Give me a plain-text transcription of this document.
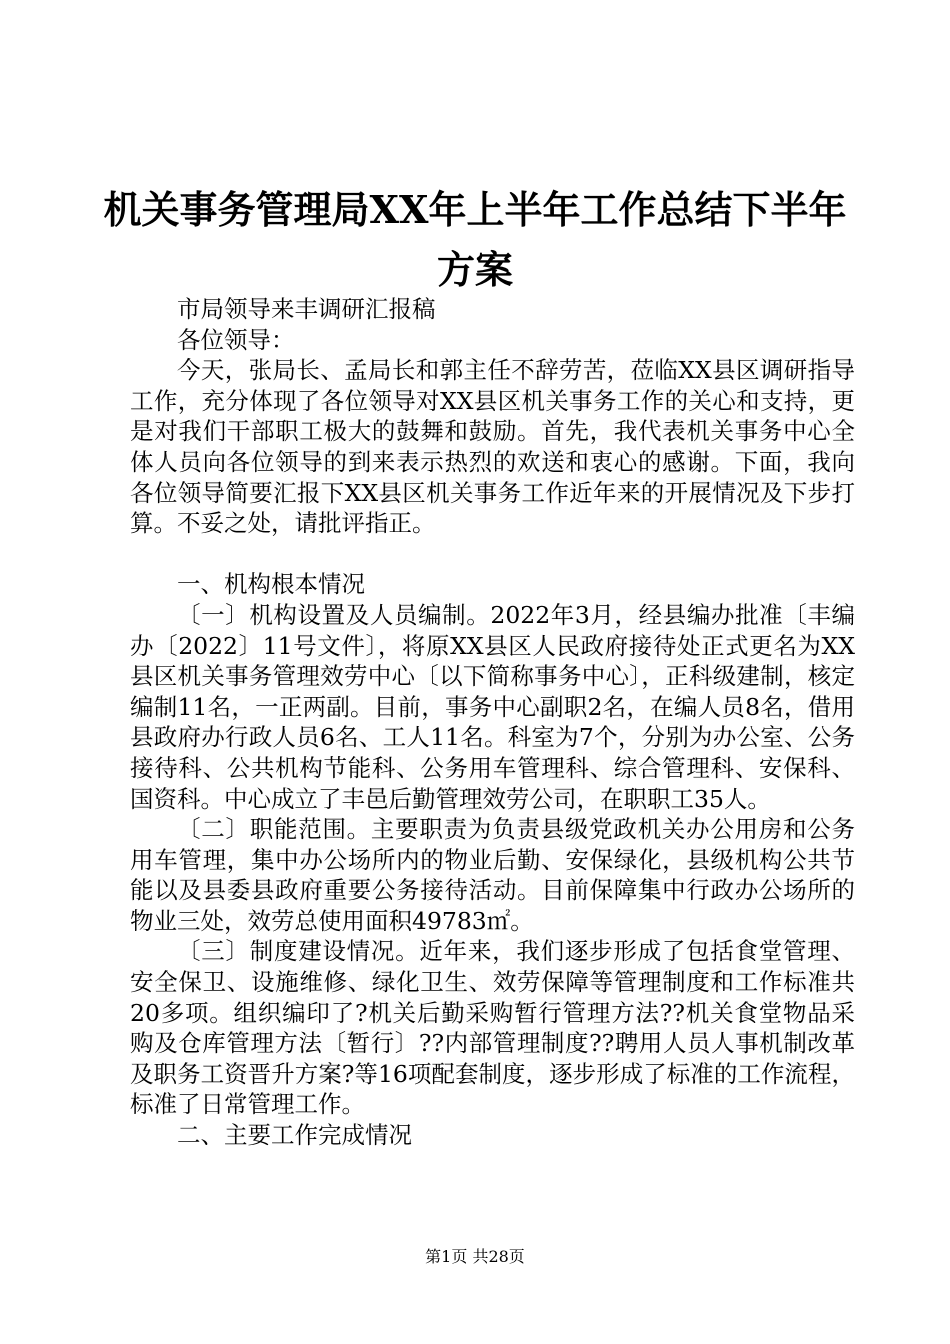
机关事务管理局XX年上半年工作总结下半年
方案

市局领导来丰调研汇报稿

各位领导：

今天，张局长、孟局长和郭主任不辞劳苦，莅临XX县区调研指导工作，充分体现了各位领导对XX县区机关事务工作的关心和支持，更是对我们干部职工极大的鼓舞和鼓励。首先，我代表机关事务中心全体人员向各位领导的到来表示热烈的欢送和衷心的感谢。下面，我向各位领导简要汇报下XX县区机关事务工作近年来的开展情况及下步打算。不妥之处，请批评指正。

一、机构根本情况

〔一〕机构设置及人员编制。2022年3月，经县编办批准〔丰编办〔2022〕11号文件〕，将原XX县区人民政府接待处正式更名为XX县区机关事务管理效劳中心〔以下简称事务中心〕，正科级建制，核定编制11名，一正两副。目前，事务中心副职2名，在编人员8名，借用县政府办行政人员6名、工人11名。科室为7个，分别为办公室、公务接待科、公共机构节能科、公务用车管理科、综合管理科、安保科、国资科。中心成立了丰邑后勤管理效劳公司，在职职工35人。

〔二〕职能范围。主要职责为负责县级党政机关办公用房和公务用车管理，集中办公场所内的物业后勤、安保绿化，县级机构公共节能以及县委县政府重要公务接待活动。目前保障集中行政办公场所的物业三处，效劳总使用面积49783㎡。

〔三〕制度建设情况。近年来，我们逐步形成了包括食堂管理、安全保卫、设施维修、绿化卫生、效劳保障等管理制度和工作标准共20多项。组织编印了?机关后勤采购暂行管理方法??机关食堂物品采购及仓库管理方法〔暂行〕??内部管理制度??聘用人员人事机制改革及职务工资晋升方案?等16项配套制度，逐步形成了标准的工作流程，标准了日常管理工作。

二、主要工作完成情况

第1页 共28页
